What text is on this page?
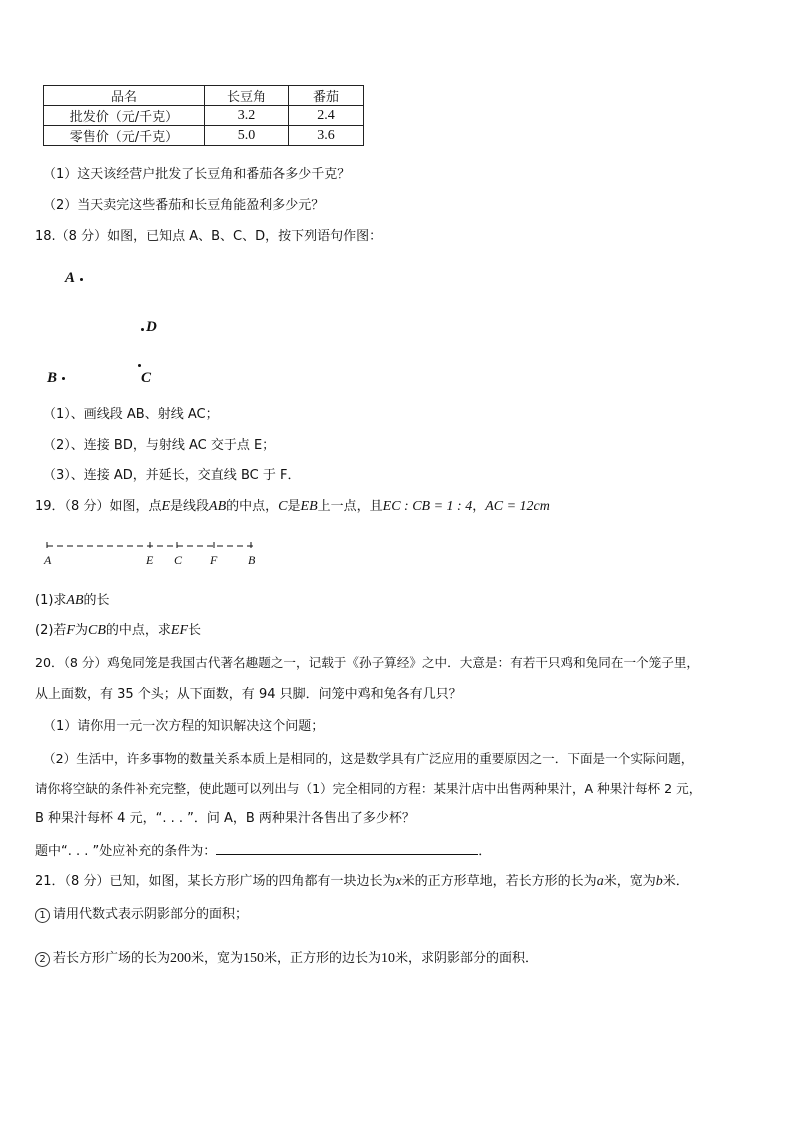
品名	长豆角	番茄
批发价（元/千克）	3.2	2.4
零售价（元/千克）	5.0	3.6
（1）这天该经营户批发了长豆角和番茄各多少千克？
（2）当天卖完这些番茄和长豆角能盈利多少元？
18.（8 分）如图，已知点 A、B、C、D，按下列语句作图：
A
D
B	C
（1）、画线段 AB、射线 AC；
（2）、连接 BD，与射线 AC 交于点 E；
（3）、连接 AD，并延长，交直线 BC 于 F．
19．（8 分）如图，点E是线段AB的中点，C是EB上一点，且EC : CB = 1 : 4，AC = 12cm
A	E C F	B
(1)求AB的长
(2)若F为CB的中点，求EF长
20．（8 分）鸡兔同笼是我国古代著名趣题之一，记载于《孙子算经》之中．大意是：有若干只鸡和兔同在一个笼子里，
从上面数，有 35 个头；从下面数，有 94 只脚．问笼中鸡和兔各有几只？
（1）请你用一元一次方程的知识解决这个问题；
（2）生活中，许多事物的数量关系本质上是相同的，这是数学具有广泛应用的重要原因之一．下面是一个实际问题，
请你将空缺的条件补充完整，使此题可以列出与（1）完全相同的方程：某果汁店中出售两种果汁，A 种果汁每杯 2 元，
B 种果汁每杯 4 元，“. . . ”．问 A，B 两种果汁各售出了多少杯？
题中“. . . ”处应补充的条件为：	．
21．（8 分）已知，如图，某长方形广场的四角都有一块边长为x米的正方形草地，若长方形的长为a米，宽为b米．
1 请用代数式表示阴影部分的面积；
2 若长方形广场的长为200米，宽为150米，正方形的边长为10米，求阴影部分的面积．
